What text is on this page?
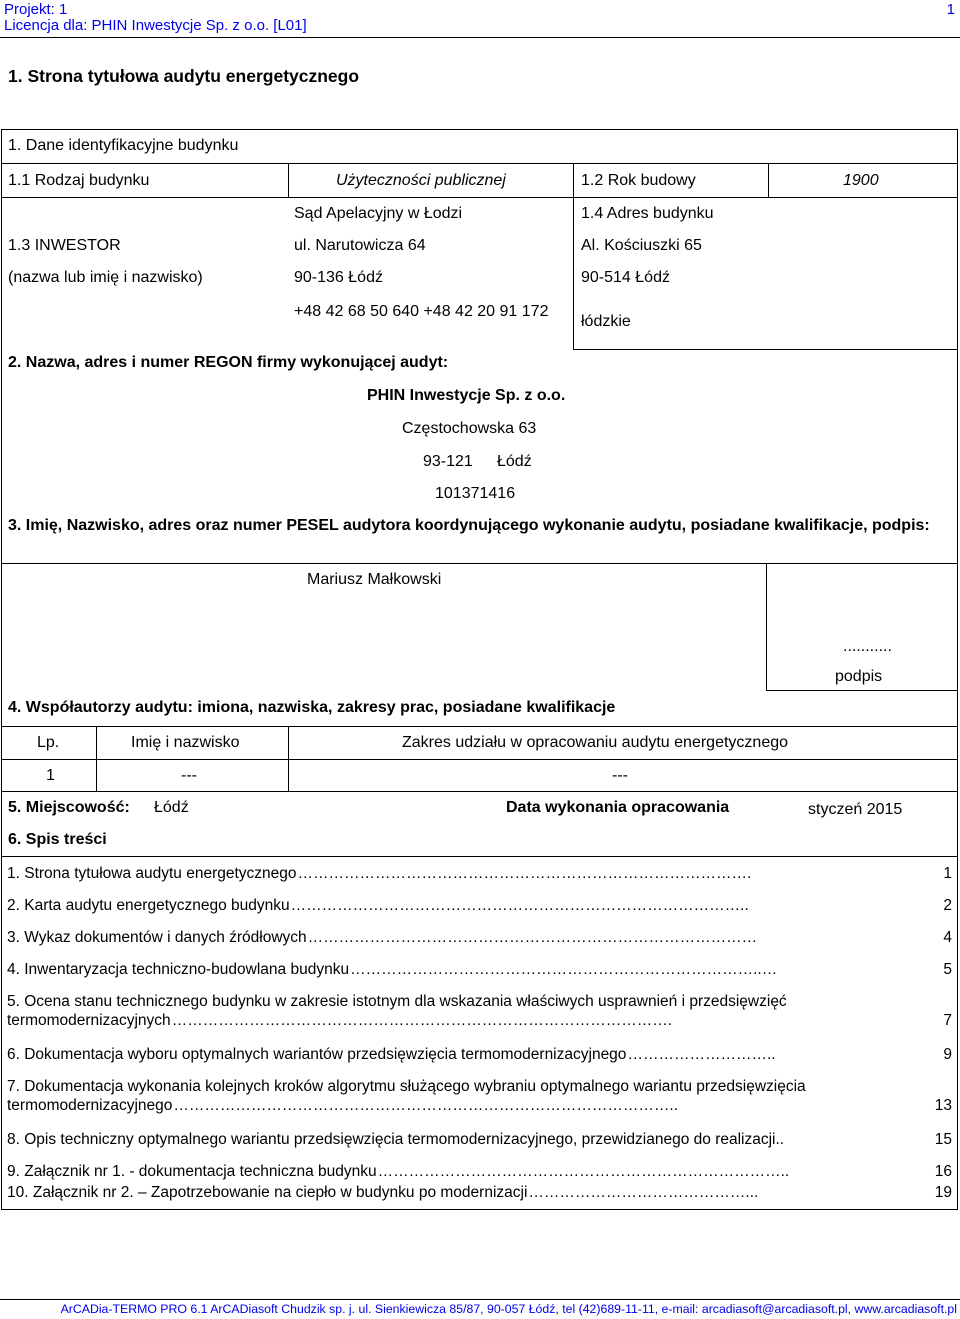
Projekt: 1	1
Licencja dla: PHIN Inwestycje Sp. z o.o. [L01]
1. Strona tytułowa audytu energetycznego
1. Dane identyfikacyjne budynku
1.1 Rodzaj budynku	Użyteczności publicznej	1.2 Rok budowy	1900
1.3 INWESTOR
(nazwa lub imię i nazwisko)
Sąd Apelacyjny w Łodzi
ul. Narutowicza 64
90-136 Łódź
+48 42 68 50 640 +48 42 20 91 172
1.4 Adres budynku
Al. Kościuszki 65
90-514 Łódź
łódzkie
2. Nazwa, adres i numer REGON firmy wykonującej audyt:
PHIN Inwestycje Sp. z o.o.
Częstochowska 63
93-121 Łódź
101371416
3. Imię, Nazwisko, adres oraz numer PESEL audytora koordynującego wykonanie audytu, posiadane kwalifikacje, podpis:
Mariusz Małkowski
...........
podpis
4. Współautorzy audytu: imiona, nazwiska, zakresy prac, posiadane kwalifikacje
Lp.	Imię i nazwisko	Zakres udziału w opracowaniu audytu energetycznego
1	---	---
5. Miejscowość: Łódź	Data wykonania opracowania	styczeń 2015
6. Spis treści
1. Strona tytułowa audytu energetycznego …………………………………………………………………………….	1
2. Karta audytu energetycznego budynku ……………………………………………………………………………..	2
3. Wykaz dokumentów i danych źródłowych ……………………………………………………………………………	4
4. Inwentaryzacja techniczno-budowlana budynku ……………………………………………………………………..…	5
5. Ocena stanu technicznego budynku w zakresie istotnym dla wskazania właściwych usprawnień i przedsięwzięć
termomodernizacyjnych …………………………………………………………………………………….	7
6. Dokumentacja wyboru optymalnych wariantów przedsięwzięcia termomodernizacyjnego ………………………..	9
7. Dokumentacja wykonania kolejnych kroków algorytmu służącego wybraniu optymalnego wariantu przedsięwzięcia
termomodernizacyjnego ……………………………………………………………………………………..	13
8. Opis techniczny optymalnego wariantu przedsięwzięcia termomodernizacyjnego, przewidzianego do realizacji..	15
9. Załącznik nr 1. - dokumentacja techniczna budynku ……………………………………………………………………..	16
10. Załącznik nr 2. – Zapotrzebowanie na ciepło w budynku po modernizacji ……………………………………...	19
ArCADia-TERMO PRO 6.1 ArCADiasoft Chudzik sp. j. ul. Sienkiewicza 85/87, 90-057 Łódź, tel (42)689-11-11, e-mail: arcadiasoft@arcadiasoft.pl, www.arcadiasoft.pl
